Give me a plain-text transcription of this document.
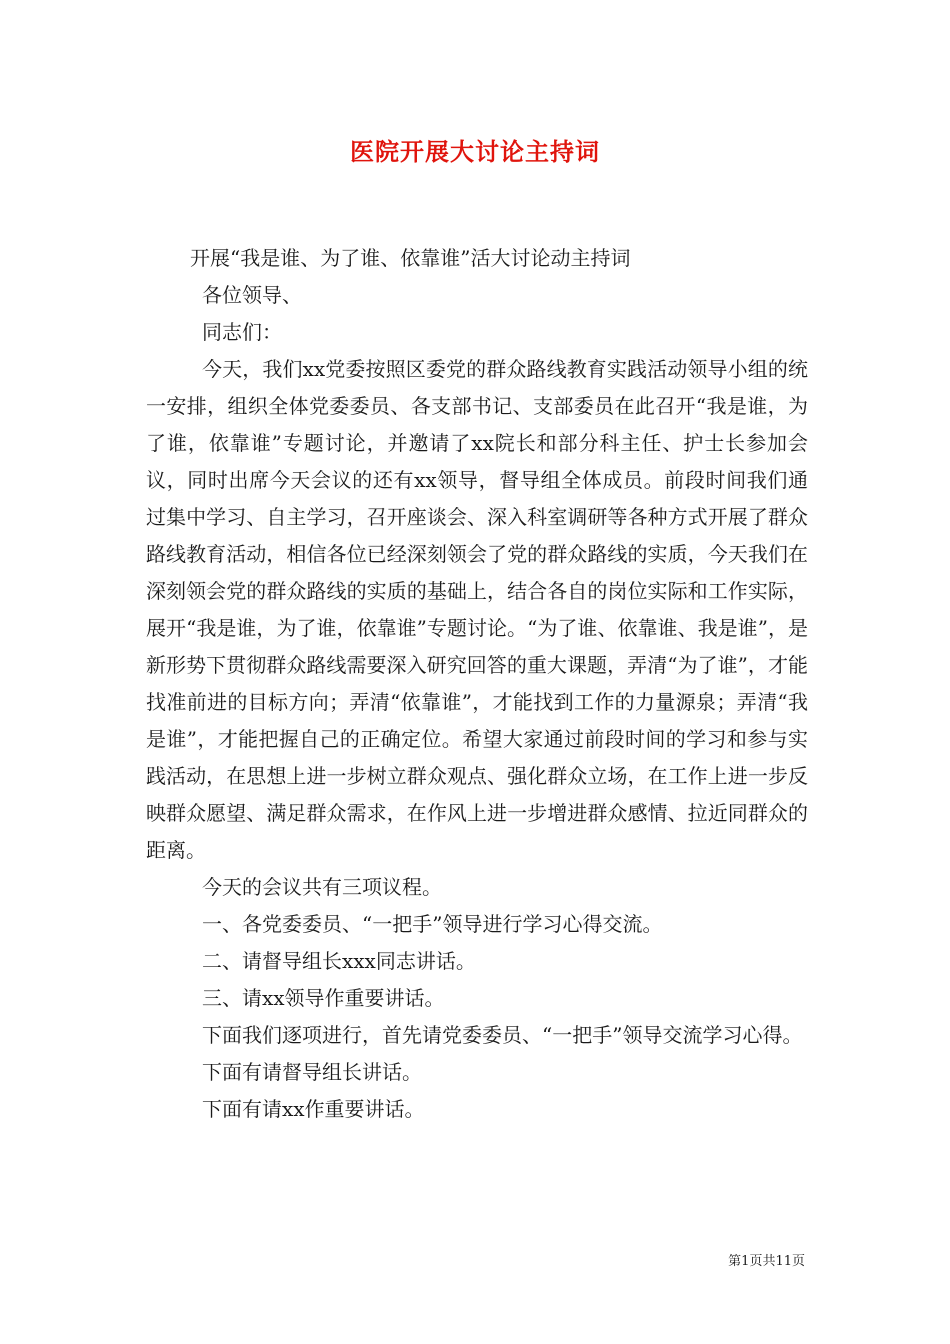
医院开展大讨论主持词

开展“我是谁、为了谁、依靠谁”活大讨论动主持词

各位领导、

同志们：

今天，我们xx党委按照区委党的群众路线教育实践活动领导小组的统一安排，组织全体党委委员、各支部书记、支部委员在此召开“我是谁，为了谁，依靠谁”专题讨论，并邀请了xx院长和部分科主任、护士长参加会议，同时出席今天会议的还有xx领导，督导组全体成员。前段时间我们通过集中学习、自主学习，召开座谈会、深入科室调研等各种方式开展了群众路线教育活动，相信各位已经深刻领会了党的群众路线的实质，今天我们在深刻领会党的群众路线的实质的基础上，结合各自的岗位实际和工作实际，展开“我是谁，为了谁，依靠谁”专题讨论。“为了谁、依靠谁、我是谁”，是新形势下贯彻群众路线需要深入研究回答的重大课题，弄清“为了谁”，才能找准前进的目标方向；弄清“依靠谁”，才能找到工作的力量源泉；弄清“我是谁”，才能把握自己的正确定位。希望大家通过前段时间的学习和参与实践活动，在思想上进一步树立群众观点、强化群众立场，在工作上进一步反映群众愿望、满足群众需求，在作风上进一步增进群众感情、拉近同群众的距离。

今天的会议共有三项议程。

一、各党委委员、“一把手”领导进行学习心得交流。

二、请督导组长xxx同志讲话。

三、请xx领导作重要讲话。

下面我们逐项进行，首先请党委委员、“一把手”领导交流学习心得。

下面有请督导组长讲话。

下面有请xx作重要讲话。

第1页共11页
